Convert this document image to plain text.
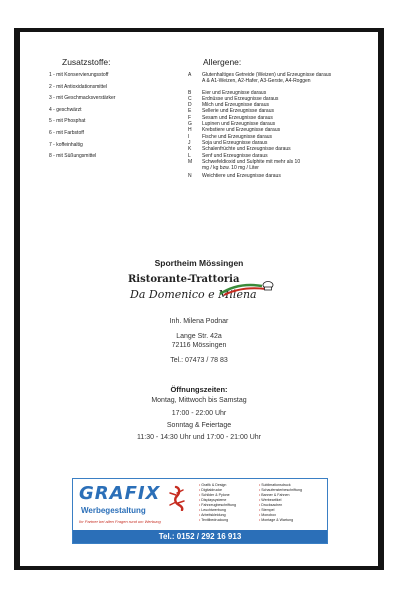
Zusatzstoffe:
1 - mit Konservierungsstoff
2 - mit Antioxidationsmittel
3 - mit Geschmacksverstärker
4 - geschwärzt
5 - mit Phosphat
6 - mit Farbstoff
7 - koffeinhaltig
8 - mit Süßungsmittel
Allergene:
A	Glutenhaltiges Getreide (Weizen) und Erzeugnisse daraus
A & A1-Weizen, A2-Hafer, A3-Gerste, A4-Roggen
B	Eier und Erzeugnisse daraus
C	Erdnüsse und Erzeugnisse daraus
D	Milch und Erzeugnisse daraus
E	Sellerie und Erzeugnisse daraus
F	Sesam und Erzeugnisse daraus
G	Lupinen und Erzeugnisse daraus
H	Krebstiere und Erzeugnisse daraus
I	Fische und Erzeugnisse daraus
J	Soja und Erzeugnisse daraus
K	Schalenfrüchte und Erzeugnisse daraus
L	Senf und Erzeugnisse daraus
M	Schwefeldioxid und Sulphite mit mehr als 10 mg / kg bzw. 10 mg / Liter
N	Weichtiere und Erzeugnisse daraus
Sportheim Mössingen
Ristorante-Trattoria
Da Domenico e Milena
Inh. Milena Podnar
Lange Str. 42a
72116 Mössingen
Tel.: 07473 / 78 83
Öffnungszeiten:
Montag, Mittwoch bis Samstag
17:00 - 22:00 Uhr
Sonntag & Feiertage
11:30 - 14:30 Uhr und 17:00 - 21:00 Uhr
GRAFIX
Werbegestaltung
Ihr Partner bei allen Fragen rund um Werbung
• Grafik & Design
• Digitaldrucke
• Schilder & Pylone
• Displaysysteme
• Fahrzeugbeschriftung
• Leuchtwerbung
• Arbeitskleidung
• Textilbedruckung
• Sublimationsdruck
• Schaufensterbeschriftung
• Banner & Fahnen
• Werbeartikel
• Drucksachen
• Stempel
• Monobox
• Montage & Wartung
Tel.: 0152 / 292 16 913
